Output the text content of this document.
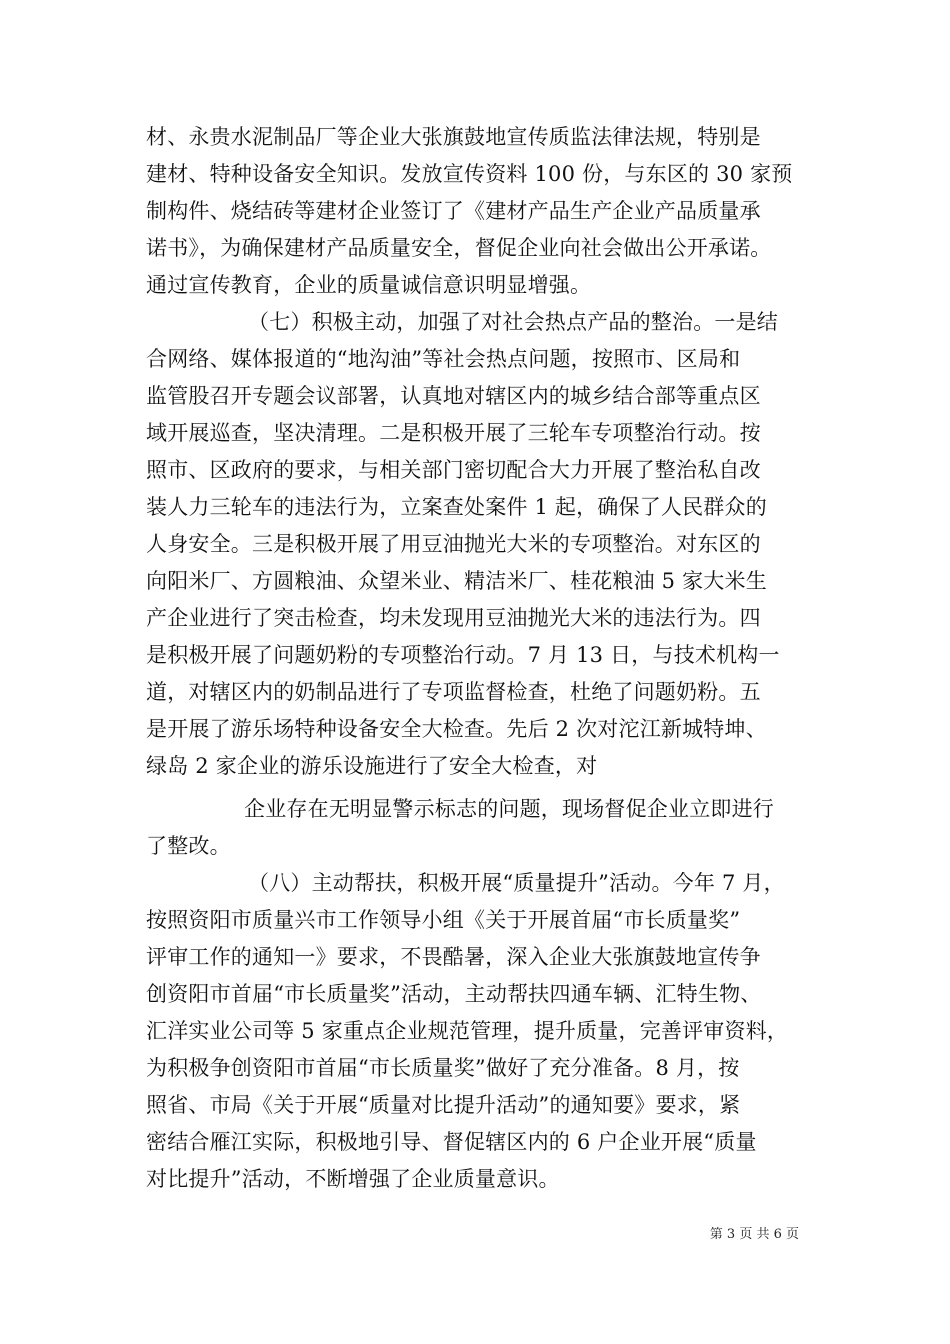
材、永贵水泥制品厂等企业大张旗鼓地宣传质监法律法规，特别是
建材、特种设备安全知识。发放宣传资料 100 份，与东区的 30 家预
制构件、烧结砖等建材企业签订了《建材产品生产企业产品质量承
诺书》，为确保建材产品质量安全，督促企业向社会做出公开承诺。
通过宣传教育，企业的质量诚信意识明显增强。
（七）积极主动，加强了对社会热点产品的整治。一是结
合网络、媒体报道的“地沟油”等社会热点问题，按照市、区局和
监管股召开专题会议部署，认真地对辖区内的城乡结合部等重点区
域开展巡查，坚决清理。二是积极开展了三轮车专项整治行动。按
照市、区政府的要求，与相关部门密切配合大力开展了整治私自改
装人力三轮车的违法行为，立案查处案件 1 起，确保了人民群众的
人身安全。三是积极开展了用豆油抛光大米的专项整治。对东区的
向阳米厂、方圆粮油、众望米业、精洁米厂、桂花粮油 5 家大米生
产企业进行了突击检查，均未发现用豆油抛光大米的违法行为。四
是积极开展了问题奶粉的专项整治行动。7 月 13 日，与技术机构一
道，对辖区内的奶制品进行了专项监督检查，杜绝了问题奶粉。五
是开展了游乐场特种设备安全大检查。先后 2 次对沱江新城特坤、
绿岛 2 家企业的游乐设施进行了安全大检查，对
企业存在无明显警示标志的问题，现场督促企业立即进行
了整改。
（八）主动帮扶，积极开展“质量提升”活动。今年 7 月，
按照资阳市质量兴市工作领导小组《关于开展首届“市长质量奖”
评审工作的通知一》要求，不畏酷暑，深入企业大张旗鼓地宣传争
创资阳市首届“市长质量奖”活动，主动帮扶四通车辆、汇特生物、
汇洋实业公司等 5 家重点企业规范管理，提升质量，完善评审资料，
为积极争创资阳市首届“市长质量奖”做好了充分准备。8 月，按
照省、市局《关于开展“质量对比提升活动”的通知要》要求，紧
密结合雁江实际，积极地引导、督促辖区内的 6 户企业开展“质量
对比提升”活动，不断增强了企业质量意识。
第 3 页 共 6 页
